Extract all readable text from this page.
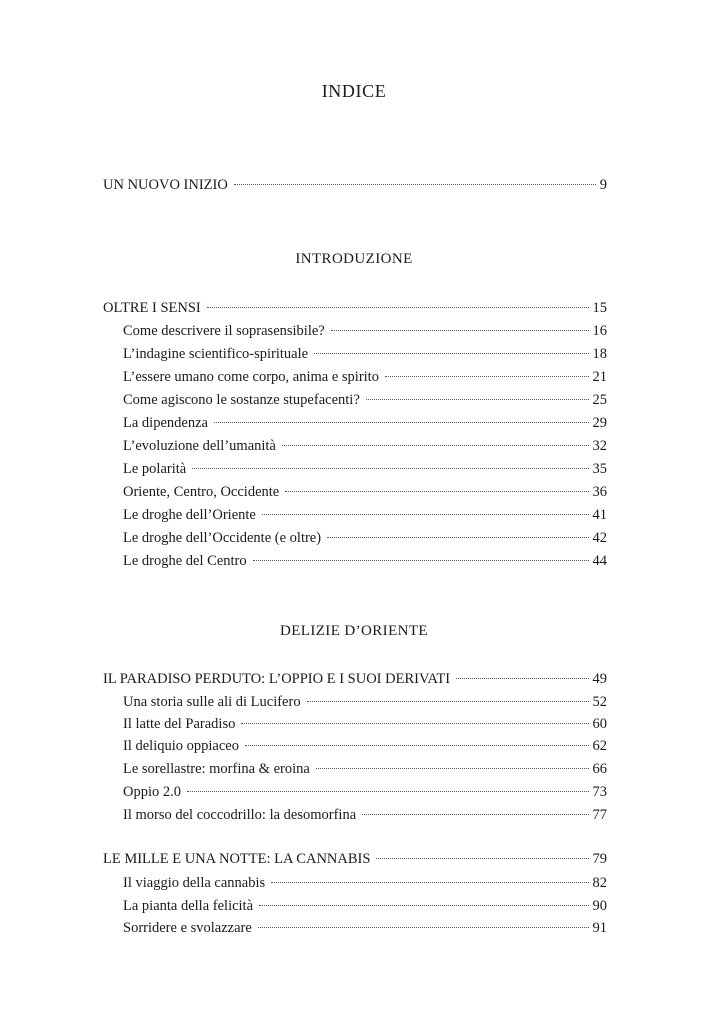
INDICE
UN NUOVO INIZIO	9
INTRODUZIONE
OLTRE I SENSI	15
Come descrivere il soprasensibile?	16
L’indagine scientifico-spirituale	18
L’essere umano come corpo, anima e spirito	21
Come agiscono le sostanze stupefacenti?	25
La dipendenza	29
L’evoluzione dell’umanità	32
Le polarità	35
Oriente, Centro, Occidente	36
Le droghe dell’Oriente	41
Le droghe dell’Occidente (e oltre)	42
Le droghe del Centro	44
DELIZIE D’ORIENTE
IL PARADISO PERDUTO: L’OPPIO E I SUOI DERIVATI	49
Una storia sulle ali di Lucifero	52
Il latte del Paradiso	60
Il deliquio oppiaceo	62
Le sorellastre: morfina & eroina	66
Oppio 2.0	73
Il morso del coccodrillo: la desomorfina	77
LE MILLE E UNA NOTTE: LA CANNABIS	79
Il viaggio della cannabis	82
La pianta della felicità	90
Sorridere e svolazzare	91
